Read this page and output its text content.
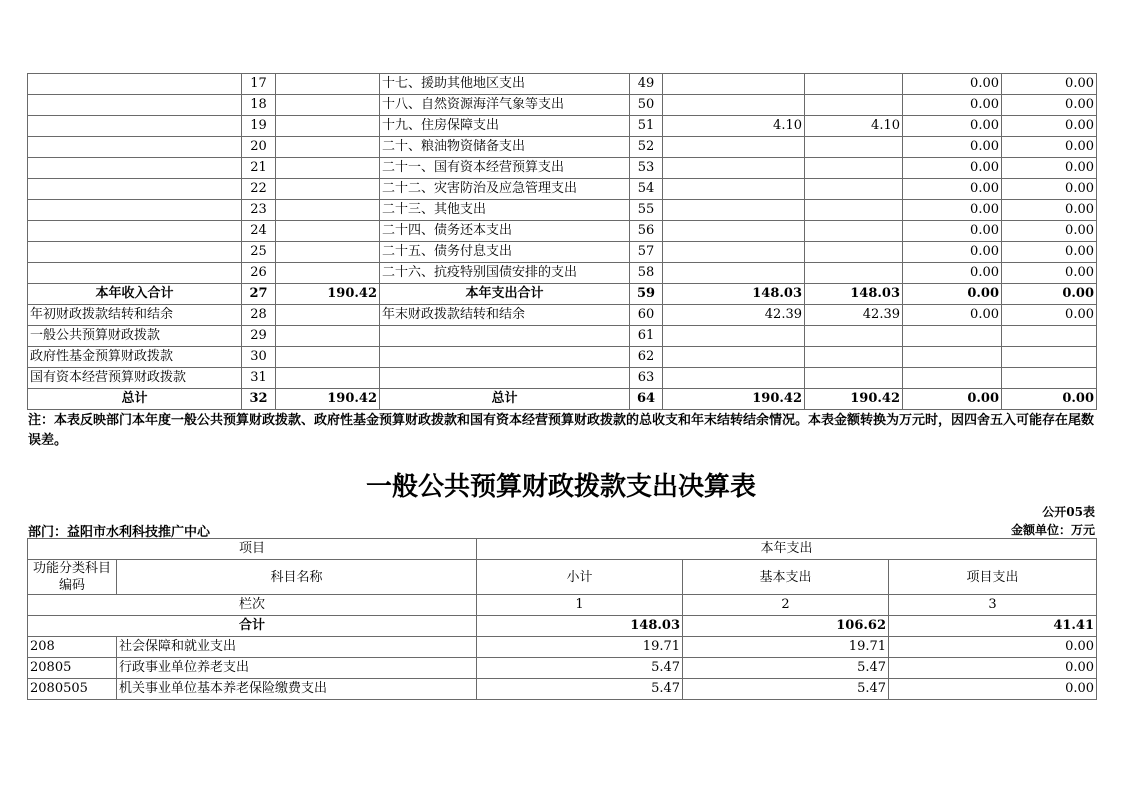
	17		十七、援助其他地区支出	49			0.00	0.00
	18		十八、自然资源海洋气象等支出	50			0.00	0.00
	19		十九、住房保障支出	51	4.10	4.10	0.00	0.00
	20		二十、粮油物资储备支出	52			0.00	0.00
	21		二十一、国有资本经营预算支出	53			0.00	0.00
	22		二十二、灾害防治及应急管理支出	54			0.00	0.00
	23		二十三、其他支出	55			0.00	0.00
	24		二十四、债务还本支出	56			0.00	0.00
	25		二十五、债务付息支出	57			0.00	0.00
	26		二十六、抗疫特别国债安排的支出	58			0.00	0.00
本年收入合计	27	190.42	本年支出合计	59	148.03	148.03	0.00	0.00
年初财政拨款结转和结余	28		年末财政拨款结转和结余	60	42.39	42.39	0.00	0.00
一般公共预算财政拨款	29			61				
政府性基金预算财政拨款	30			62				
国有资本经营预算财政拨款	31			63				
总计	32	190.42	总计	64	190.42	190.42	0.00	0.00
注：本表反映部门本年度一般公共预算财政拨款、政府性基金预算财政拨款和国有资本经营预算财政拨款的总收支和年末结转结余情况。本表金额转换为万元时，因四舍五入可能存在尾数误差。
一般公共预算财政拨款支出决算表
公开05表
部门：益阳市水利科技推广中心	金额单位：万元
项目		本年支出		
功能分类科目编码	科目名称	小计	基本支出	项目支出
栏次		1	2	3
合计		148.03	106.62	41.41
208	社会保障和就业支出	19.71	19.71	0.00
20805	行政事业单位养老支出	5.47	5.47	0.00
2080505	机关事业单位基本养老保险缴费支出	5.47	5.47	0.00
